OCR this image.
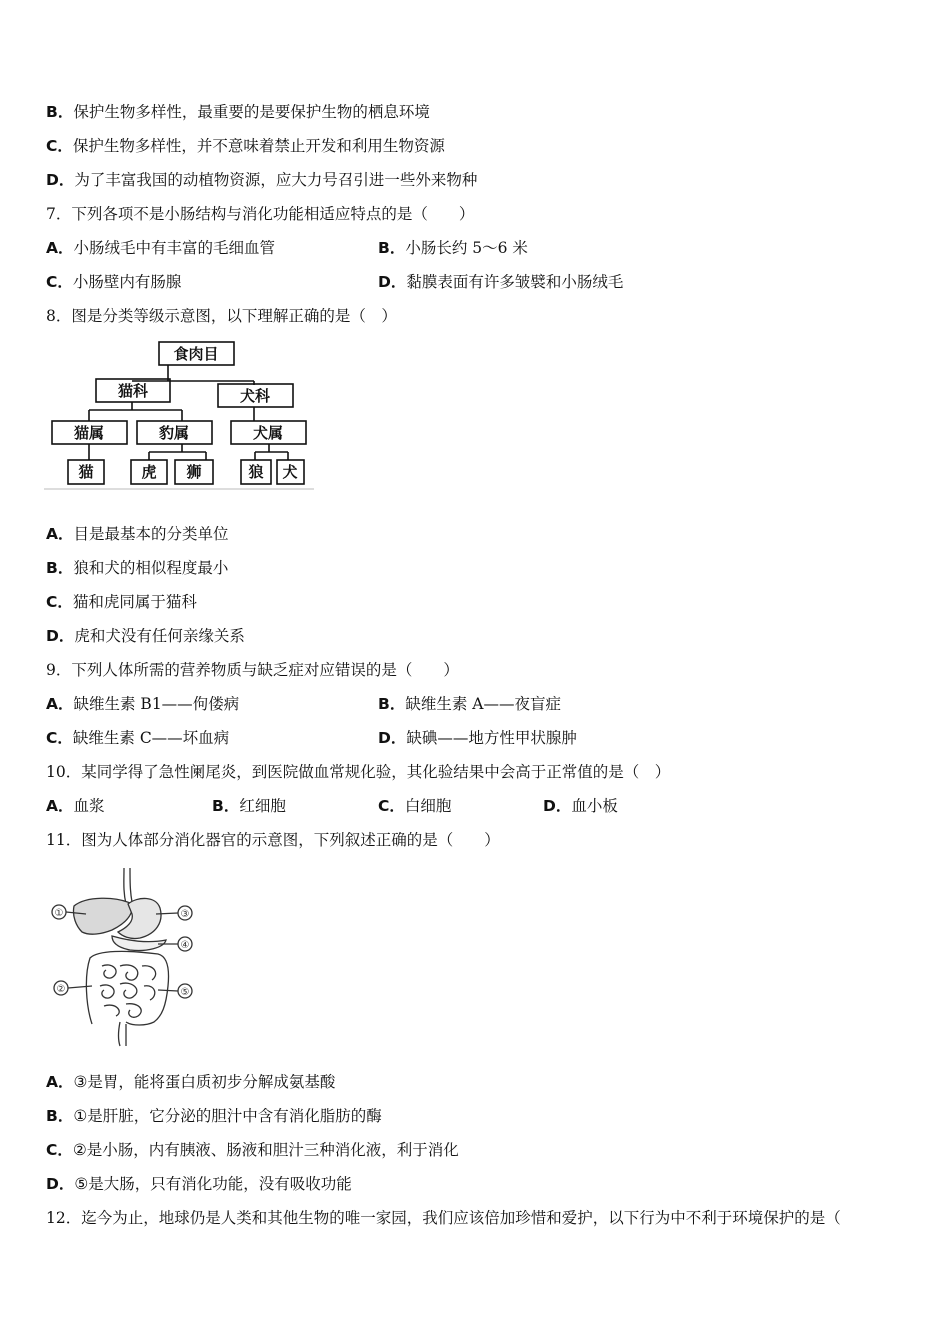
B．保护生物多样性，最重要的是要保护生物的栖息环境
C．保护生物多样性，并不意味着禁止开发和利用生物资源
D．为了丰富我国的动植物资源，应大力号召引进一些外来物种
7．下列各项不是小肠结构与消化功能相适应特点的是（　　）
A．小肠绒毛中有丰富的毛细血管	B．小肠长约 5～6 米
C．小肠壁内有肠腺	D．黏膜表面有许多皱襞和小肠绒毛
8．图是分类等级示意图，以下理解正确的是（　）
食肉目
猫科	犬科
猫属	豹属	犬属
猫	虎 狮	狼 犬
A．目是最基本的分类单位
B．狼和犬的相似程度最小
C．猫和虎同属于猫科
D．虎和犬没有任何亲缘关系
9．下列人体所需的营养物质与缺乏症对应错误的是（　　）
A．缺维生素 B1——佝偻病	B．缺维生素 A——夜盲症
C．缺维生素 C——坏血病	D．缺碘——地方性甲状腺肿
10．某同学得了急性阑尾炎，到医院做血常规化验，其化验结果中会高于正常值的是（　）
A．血浆	B．红细胞	C．白细胞	D．血小板
11．图为人体部分消化器官的示意图，下列叙述正确的是（　　）
①	③
④
②	⑤
A．③是胃，能将蛋白质初步分解成氨基酸
B．①是肝脏，它分泌的胆汁中含有消化脂肪的酶
C．②是小肠，内有胰液、肠液和胆汁三种消化液，利于消化
D．⑤是大肠，只有消化功能，没有吸收功能
12．迄今为止，地球仍是人类和其他生物的唯一家园，我们应该倍加珍惜和爱护，以下行为中不利于环境保护的是（
